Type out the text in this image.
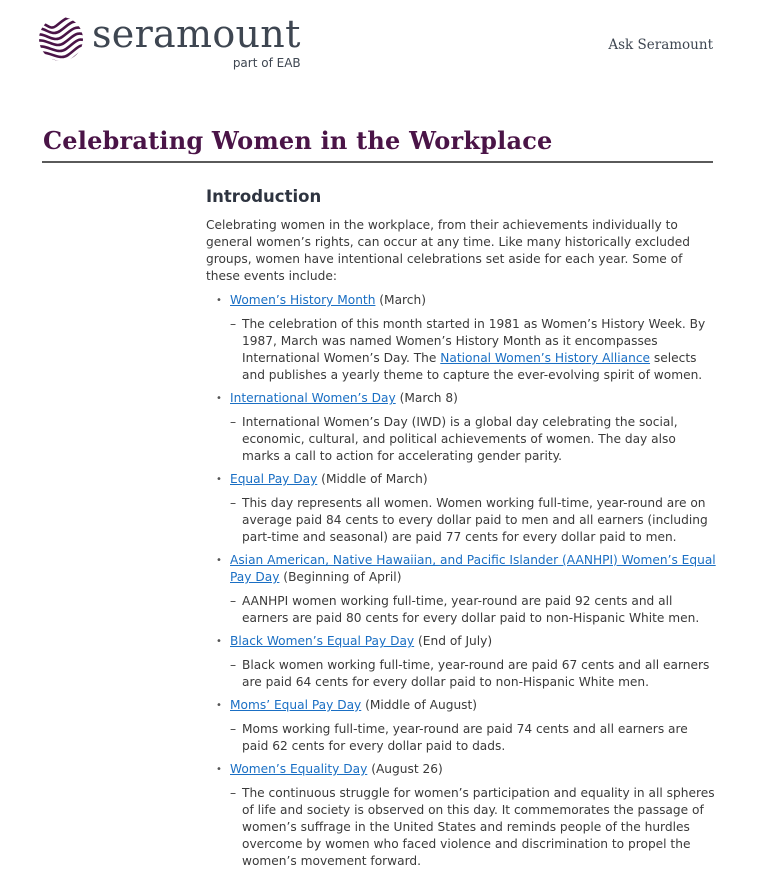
seramount
part of EAB
Ask Seramount
Celebrating Women in the Workplace
Introduction

Celebrating women in the workplace, from their achievements individually to general women’s rights, can occur at any time. Like many historically excluded groups, women have intentional celebrations set aside for each year. Some of these events include:

• Women’s History Month (March)

– The celebration of this month started in 1981 as Women’s History Week. By 1987, March was named Women’s History Month as it encompasses International Women’s Day. The National Women’s History Alliance selects and publishes a yearly theme to capture the ever-evolving spirit of women.

• International Women’s Day (March 8)

– International Women’s Day (IWD) is a global day celebrating the social, economic, cultural, and political achievements of women. The day also marks a call to action for accelerating gender parity.

• Equal Pay Day (Middle of March)

– This day represents all women. Women working full-time, year-round are on average paid 84 cents to every dollar paid to men and all earners (including part-time and seasonal) are paid 77 cents for every dollar paid to men.

• Asian American, Native Hawaiian, and Pacific Islander (AANHPI) Women’s Equal Pay Day (Beginning of April)

– AANHPI women working full-time, year-round are paid 92 cents and all earners are paid 80 cents for every dollar paid to non-Hispanic White men.

• Black Women’s Equal Pay Day (End of July)

– Black women working full-time, year-round are paid 67 cents and all earners are paid 64 cents for every dollar paid to non-Hispanic White men.

• Moms’ Equal Pay Day (Middle of August)

– Moms working full-time, year-round are paid 74 cents and all earners are paid 62 cents for every dollar paid to dads.

• Women’s Equality Day (August 26)

– The continuous struggle for women’s participation and equality in all spheres of life and society is observed on this day. It commemorates the passage of women’s suffrage in the United States and reminds people of the hurdles overcome by women who faced violence and discrimination to propel the women’s movement forward.
